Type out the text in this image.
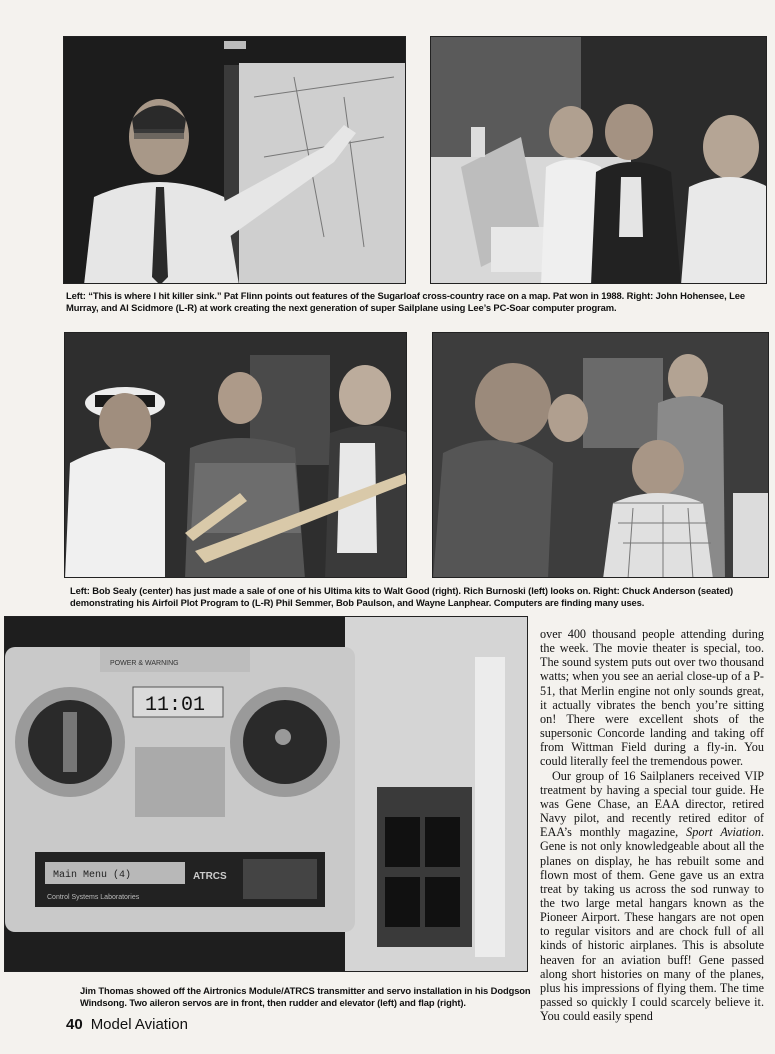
Left: “This is where I hit killer sink.” Pat Flinn points out features of the Sugarloaf cross-country race on a map. Pat won in 1988. Right: John Hohensee, Lee Murray, and Al Scidmore (L-R) at work creating the next generation of super Sailplane using Lee’s PC-Soar computer program.
Left: Bob Sealy (center) has just made a sale of one of his Ultima kits to Walt Good (right). Rich Burnoski (left) looks on. Right: Chuck Anderson (seated) demonstrating his Airfoil Plot Program to (L-R) Phil Semmer, Bob Paulson, and Wayne Lanphear. Computers are finding many uses.
POWER & WARNING
11:01
Main Menu (4)
Control Systems Laboratories
ATRCS
Jim Thomas showed off the Airtronics Module/ATRCS transmitter and servo installation in his Dodgson Windsong. Two aileron servos are in front, then rudder and elevator (left) and flap (right).

over 400 thousand people attending during the week. The movie theater is special, too. The sound system puts out over two thousand watts; when you see an aerial close-up of a P-51, that Merlin engine not only sounds great, it actually vibrates the bench you’re sitting on! There were excellent shots of the supersonic Concorde landing and taking off from Wittman Field during a fly-in. You could literally feel the tremendous power.

Our group of 16 Sailplaners received VIP treatment by having a special tour guide. He was Gene Chase, an EAA director, retired Navy pilot, and recently retired editor of EAA’s monthly magazine, Sport Aviation. Gene is not only knowledgeable about all the planes on display, he has rebuilt some and flown most of them. Gene gave us an extra treat by taking us across the sod runway to the two large metal hangars known as the Pioneer Airport. These hangars are not open to regular visitors and are chock full of all kinds of historic airplanes. This is absolute heaven for an aviation buff! Gene passed along short histories on many of the planes, plus his impressions of flying them. The time passed so quickly I could scarcely believe it. You could easily spend

40 Model Aviation
